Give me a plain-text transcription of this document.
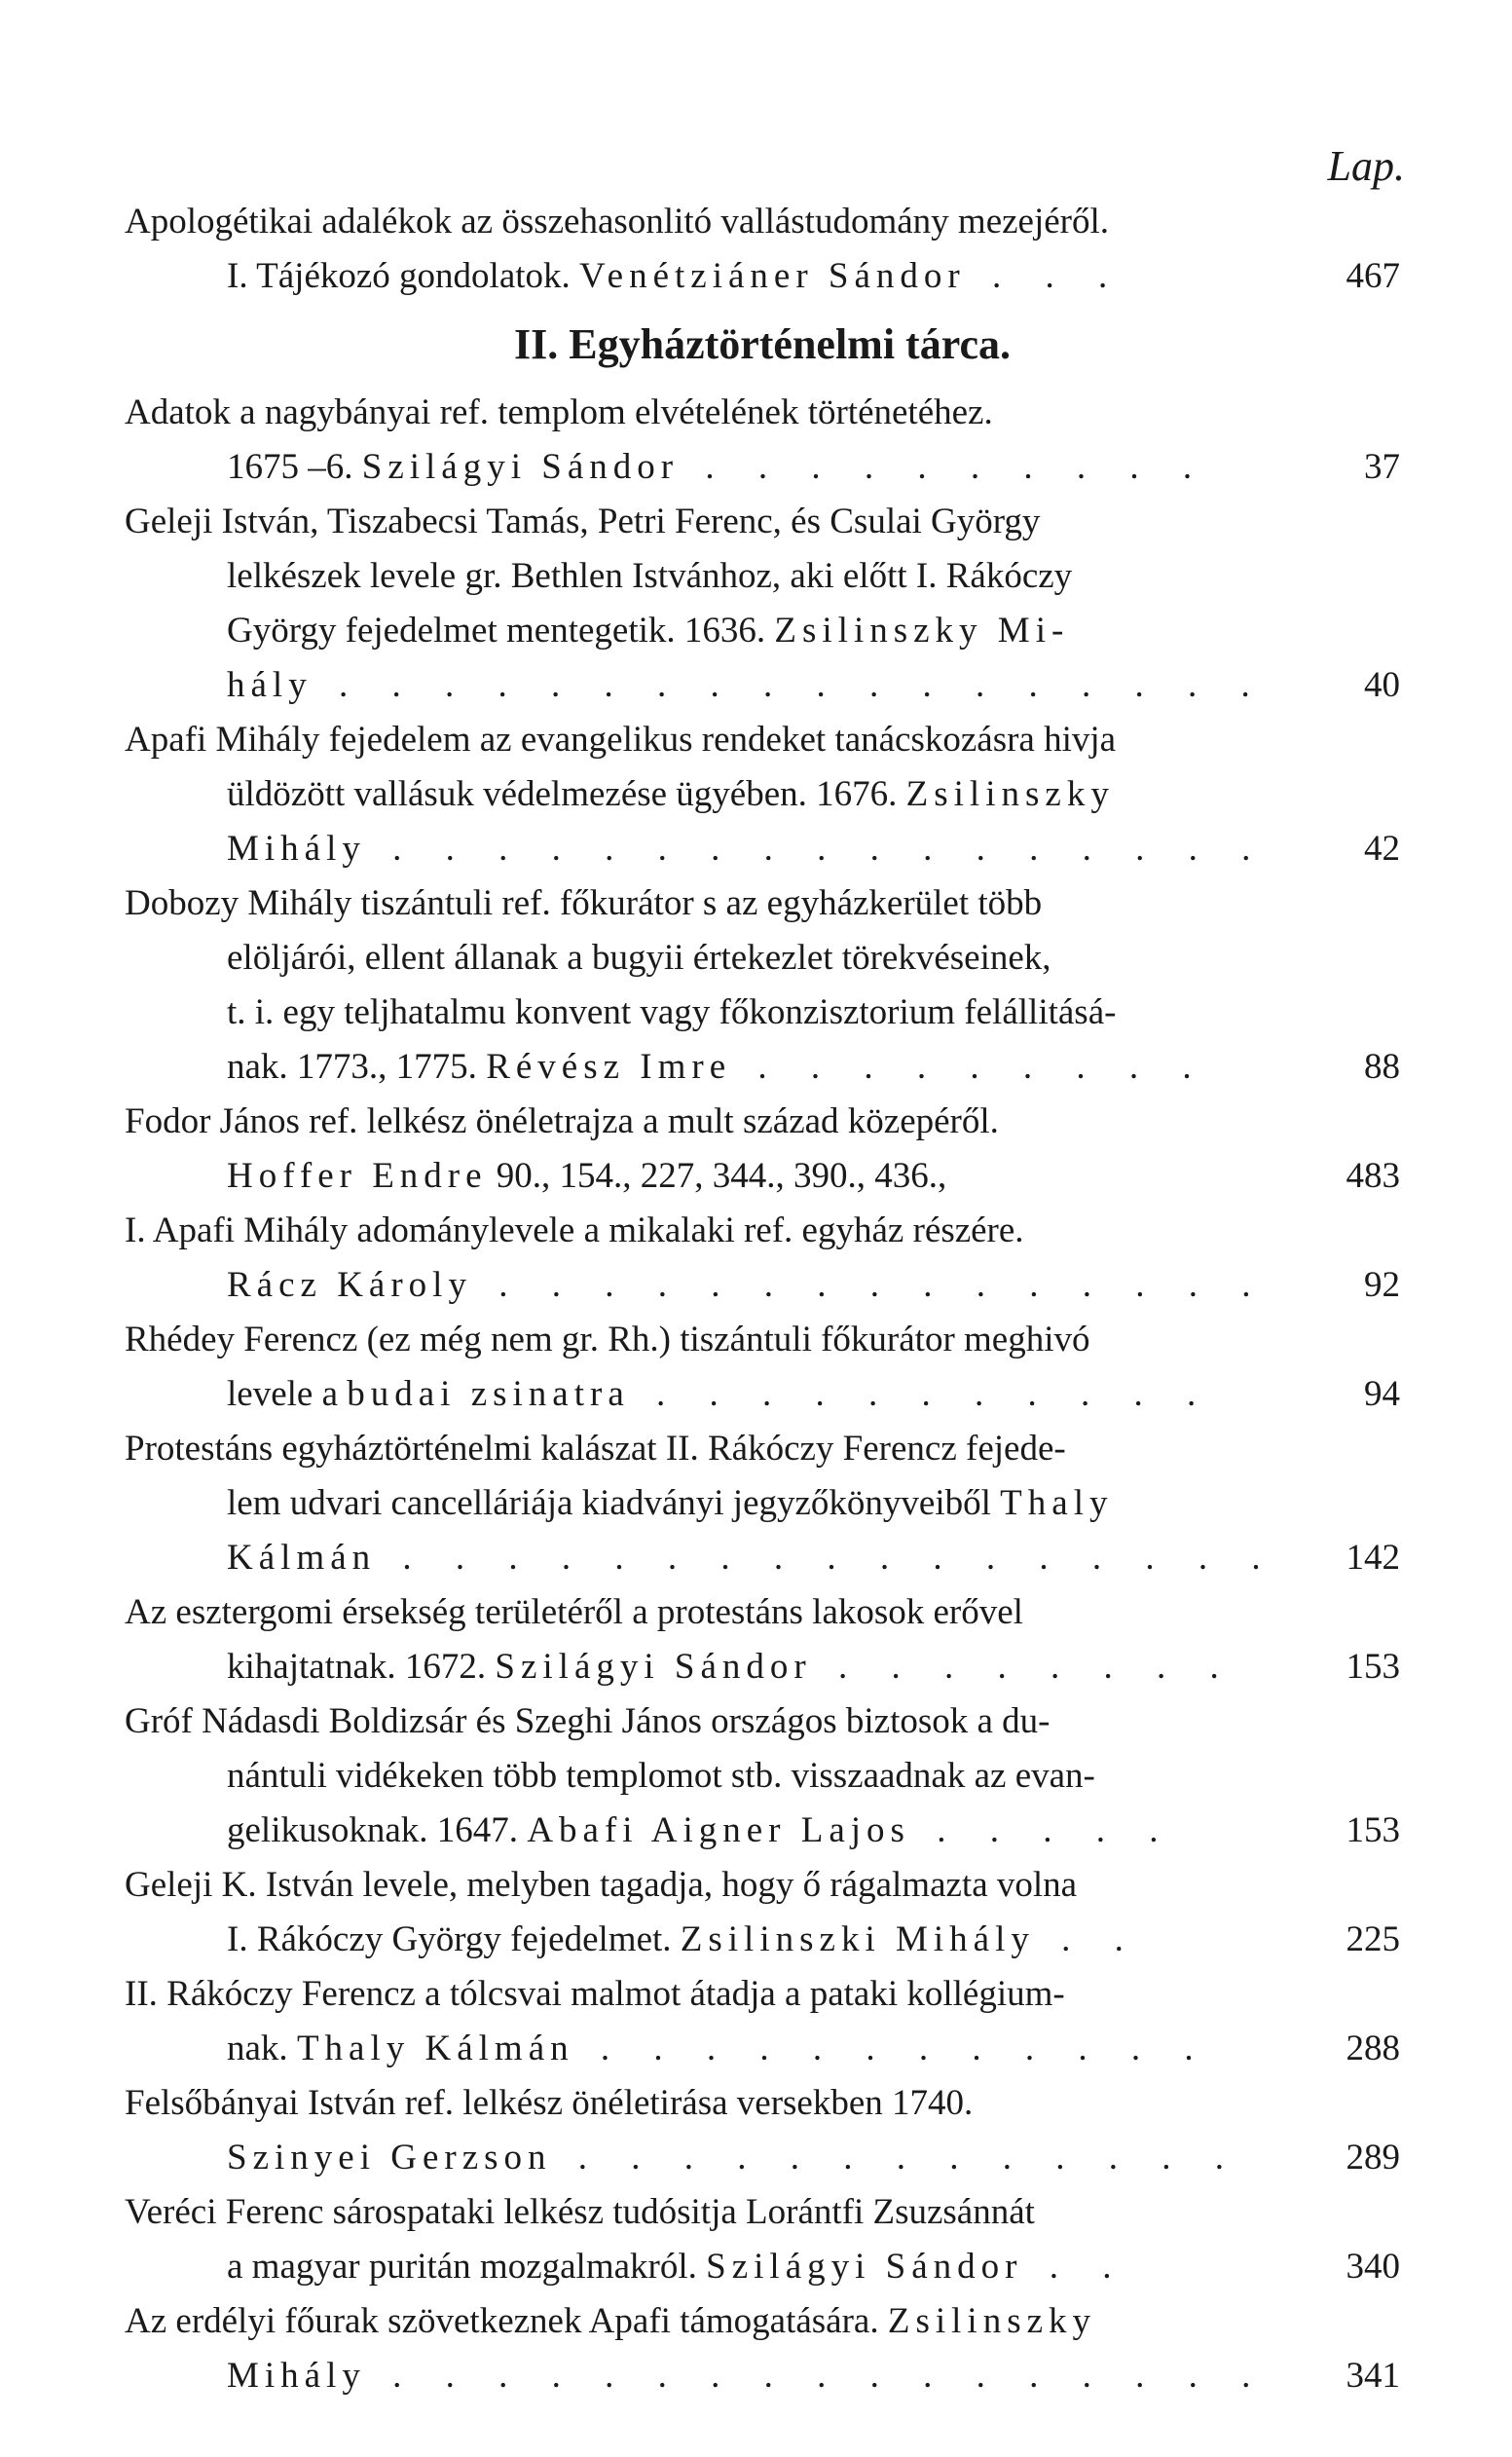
Lap.
Apologétikai adalékok az összehasonlitó vallástudomány mezejéről.
I. Tájékozó gondolatok. Venétziáner Sándor . . .	467
II. Egyháztörténelmi tárca.
Adatok a nagybányai ref. templom elvételének történetéhez.
1675 –6. Szilágyi Sándor . . . . . . . . . .	37
Geleji István, Tiszabecsi Tamás, Petri Ferenc, és Csulai György
lelkészek levele gr. Bethlen Istvánhoz, aki előtt I. Rákóczy
György fejedelmet mentegetik. 1636. Zsilinszky Mi-
hály . . . . . . . . . . . . . . . . . .	40
Apafi Mihály fejedelem az evangelikus rendeket tanácskozásra hivja
üldözött vallásuk védelmezése ügyében. 1676. Zsilinszky
Mihály . . . . . . . . . . . . . . . . .	42
Dobozy Mihály tiszántuli ref. főkurátor s az egyházkerület több
elöljárói, ellent állanak a bugyii értekezlet törekvéseinek,
t. i. egy teljhatalmu konvent vagy főkonzisztorium felállitásá-
nak. 1773., 1775. Révész Imre . . . . . . . . .	88
Fodor János ref. lelkész önéletrajza a mult század közepéről.
Hoffer Endre 90., 154., 227, 344., 390., 436.,	483
I. Apafi Mihály adománylevele a mikalaki ref. egyház részére.
Rácz Károly . . . . . . . . . . . . . . .	92
Rhédey Ferencz (ez még nem gr. Rh.) tiszántuli főkurátor meghivó
levele a budai zsinatra . . . . . . . . . . .	94
Protestáns egyháztörténelmi kalászat II. Rákóczy Ferencz fejede-
lem udvari cancelláriája kiadványi jegyzőkönyveiből Thaly
Kálmán . . . . . . . . . . . . . . . . . 142
Az esztergomi érsekség területéről a protestáns lakosok erővel
kihajtatnak. 1672. Szilágyi Sándor . . . . . . . .	153
Gróf Nádasdi Boldizsár és Szeghi János országos biztosok a du-
nántuli vidékeken több templomot stb. visszaadnak az evan-
gelikusoknak. 1647. Abafi Aigner Lajos . . . . .	153
Geleji K. István levele, melyben tagadja, hogy ő rágalmazta volna
I. Rákóczy György fejedelmet. Zsilinszki Mihály . .	225
II. Rákóczy Ferencz a tólcsvai malmot átadja a pataki kollégium-
nak. Thaly Kálmán . . . . . . . . . . . .	288
Felsőbányai István ref. lelkész önéletirása versekben 1740.
Szinyei Gerzson . . . . . . . . . . . . .	289
Veréci Ferenc sárospataki lelkész tudósitja Lorántfi Zsuzsánnát
a magyar puritán mozgalmakról. Szilágyi Sándor . .	340
Az erdélyi főurak szövetkeznek Apafi támogatására. Zsilinszky
Mihály . . . . . . . . . . . . . . . . . 341
